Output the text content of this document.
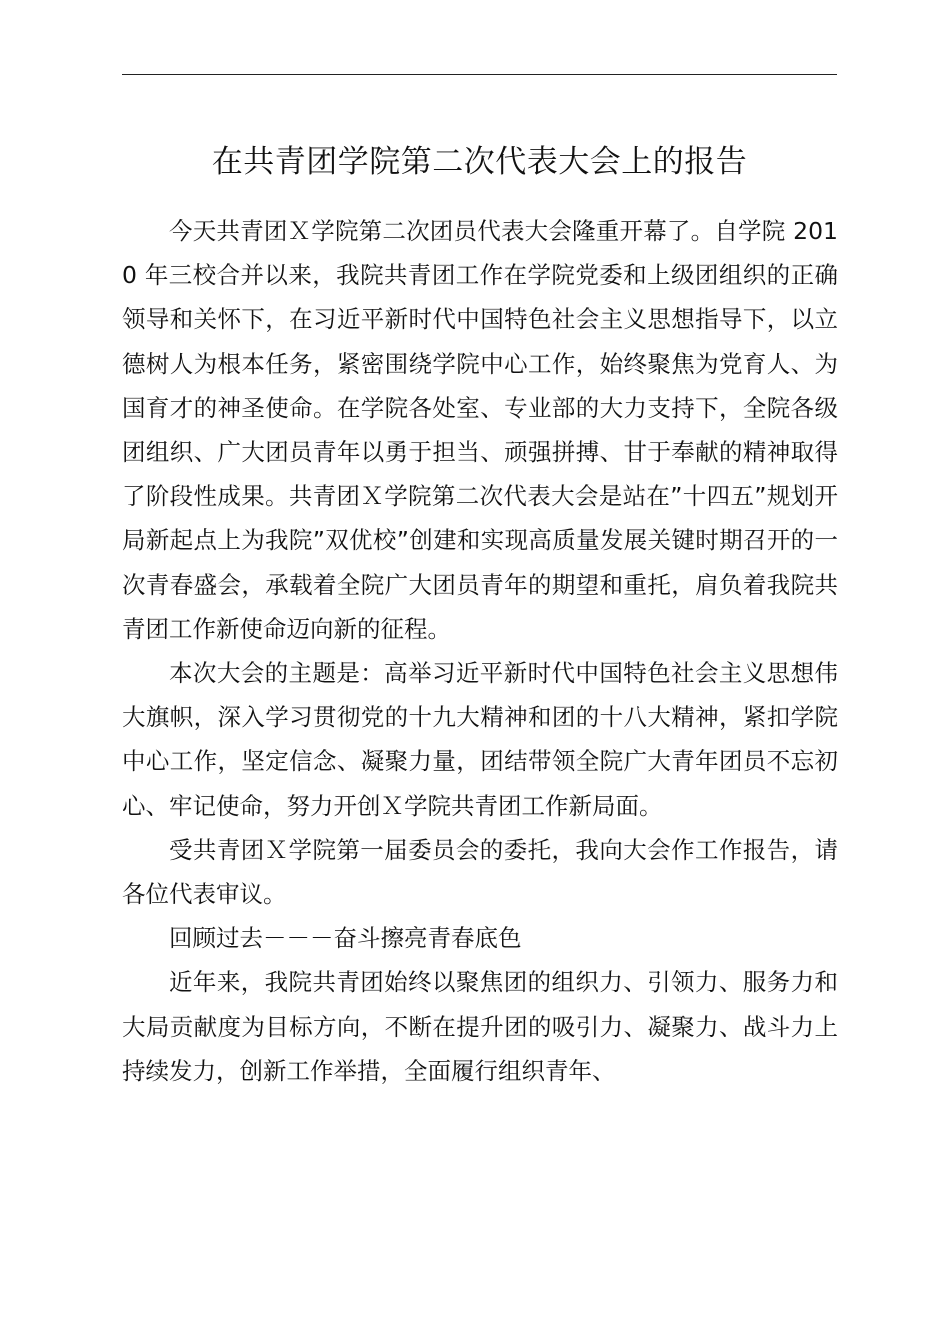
在共青团学院第二次代表大会上的报告

今天共青团Ｘ学院第二次团员代表大会隆重开幕了。自学院 2010 年三校合并以来，我院共青团工作在学院党委和上级团组织的正确领导和关怀下，在习近平新时代中国特色社会主义思想指导下，以立德树人为根本任务，紧密围绕学院中心工作，始终聚焦为党育人、为国育才的神圣使命。在学院各处室、专业部的大力支持下，全院各级团组织、广大团员青年以勇于担当、顽强拼搏、甘于奉献的精神取得了阶段性成果。共青团Ｘ学院第二次代表大会是站在”十四五”规划开局新起点上为我院”双优校”创建和实现高质量发展关键时期召开的一次青春盛会，承载着全院广大团员青年的期望和重托，肩负着我院共青团工作新使命迈向新的征程。

本次大会的主题是：高举习近平新时代中国特色社会主义思想伟大旗帜，深入学习贯彻党的十九大精神和团的十八大精神，紧扣学院中心工作，坚定信念、凝聚力量，团结带领全院广大青年团员不忘初心、牢记使命，努力开创Ｘ学院共青团工作新局面。

受共青团Ｘ学院第一届委员会的委托，我向大会作工作报告，请各位代表审议。

回顾过去－－－奋斗擦亮青春底色

近年来，我院共青团始终以聚焦团的组织力、引领力、服务力和大局贡献度为目标方向，不断在提升团的吸引力、凝聚力、战斗力上持续发力，创新工作举措，全面履行组织青年、
